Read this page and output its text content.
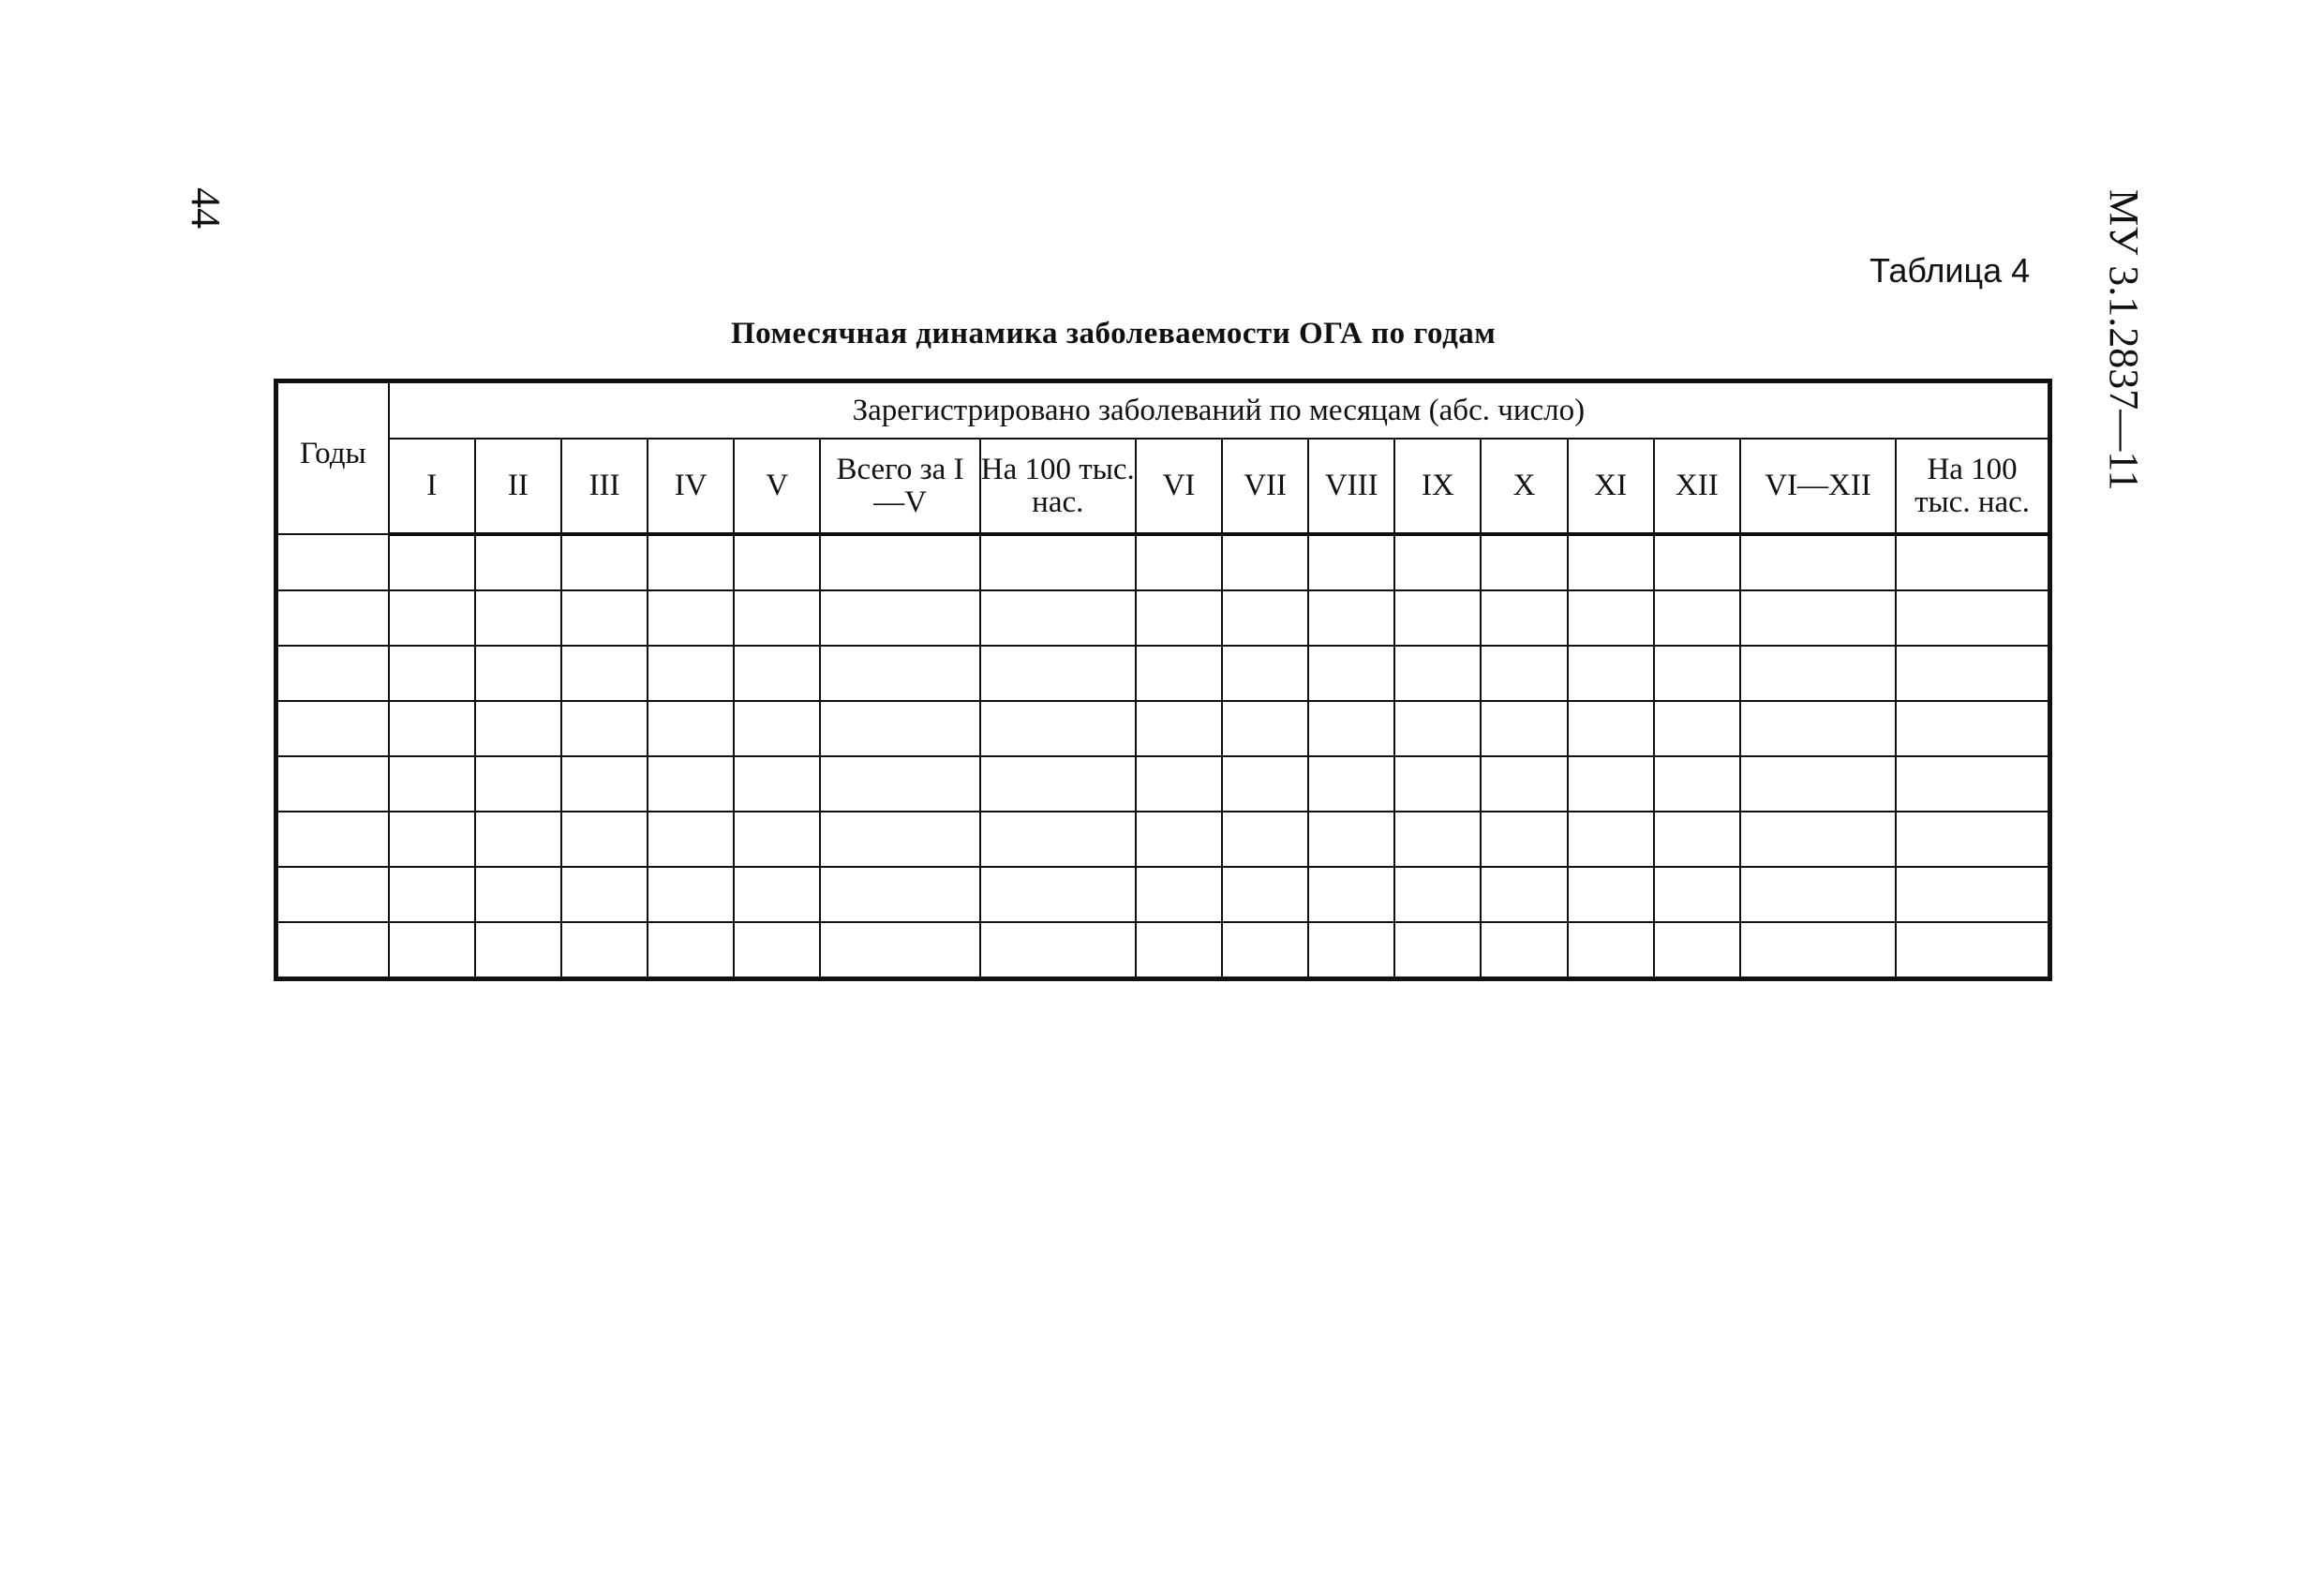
44	МУ 3.1.2837—11
Таблица 4
Помесячная динамика заболеваемости ОГА по годам
Годы	Зарегистрировано заболеваний по месяцам (абс. число)															
	I	II	III	IV	V	Всего за I—V	На 100 тыс. нас.	VI	VII	VIII	IX	X	XI	XII	VI—XII	На 100 тыс. нас.
